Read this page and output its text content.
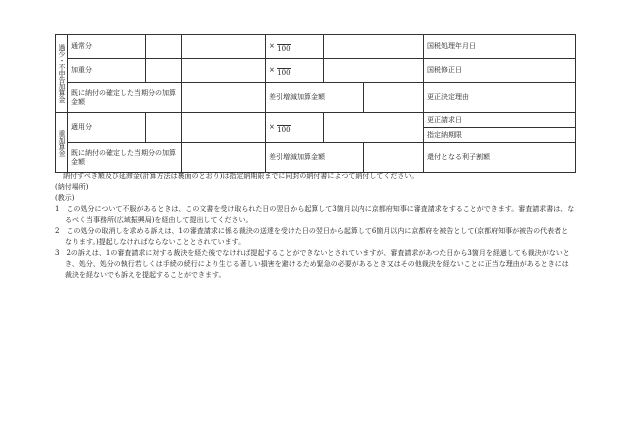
過少・不申告加算金	通常分			× 100			国税処理年月日
	加重分			× 100			国税修正日
	既に納付の確定した当期分の加算金額			差引増減加算金額			更正決定理由
重加算金	適用分			× 100			更正請求日
							指定納期限
	既に納付の確定した当期分の加算金額			差引増減加算金額			還付となる利子割額

納付すべき額及び延滞金(計算方法は裏面のとおり)は指定納期限までに同封の納付書によつて納付してください。

(納付場所)

(教示)

1　この処分について不服があるときは、この文書を受け取られた日の翌日から起算して3箇月以内に京都府知事に審査請求をすることができます。審査請求書は、なるべく当事務所(広域振興局)を経由して提出してください。

2　この処分の取消しを求める訴えは、1の審査請求に係る裁決の送達を受けた日の翌日から起算して6箇月以内に京都府を被告として(京都府知事が被告の代表者となります。)提起しなければならないこととされています。

3　2の訴えは、1の審査請求に対する裁決を経た後でなければ提起することができないとされていますが、審査請求があつた日から3箇月を経過しても裁決がないとき、処分、処分の執行若しくは手続の続行により生じる著しい損害を避けるため緊急の必要があるとき又はその他裁決を経ないことに正当な理由があるときには裁決を経ないでも訴えを提起することができます。
